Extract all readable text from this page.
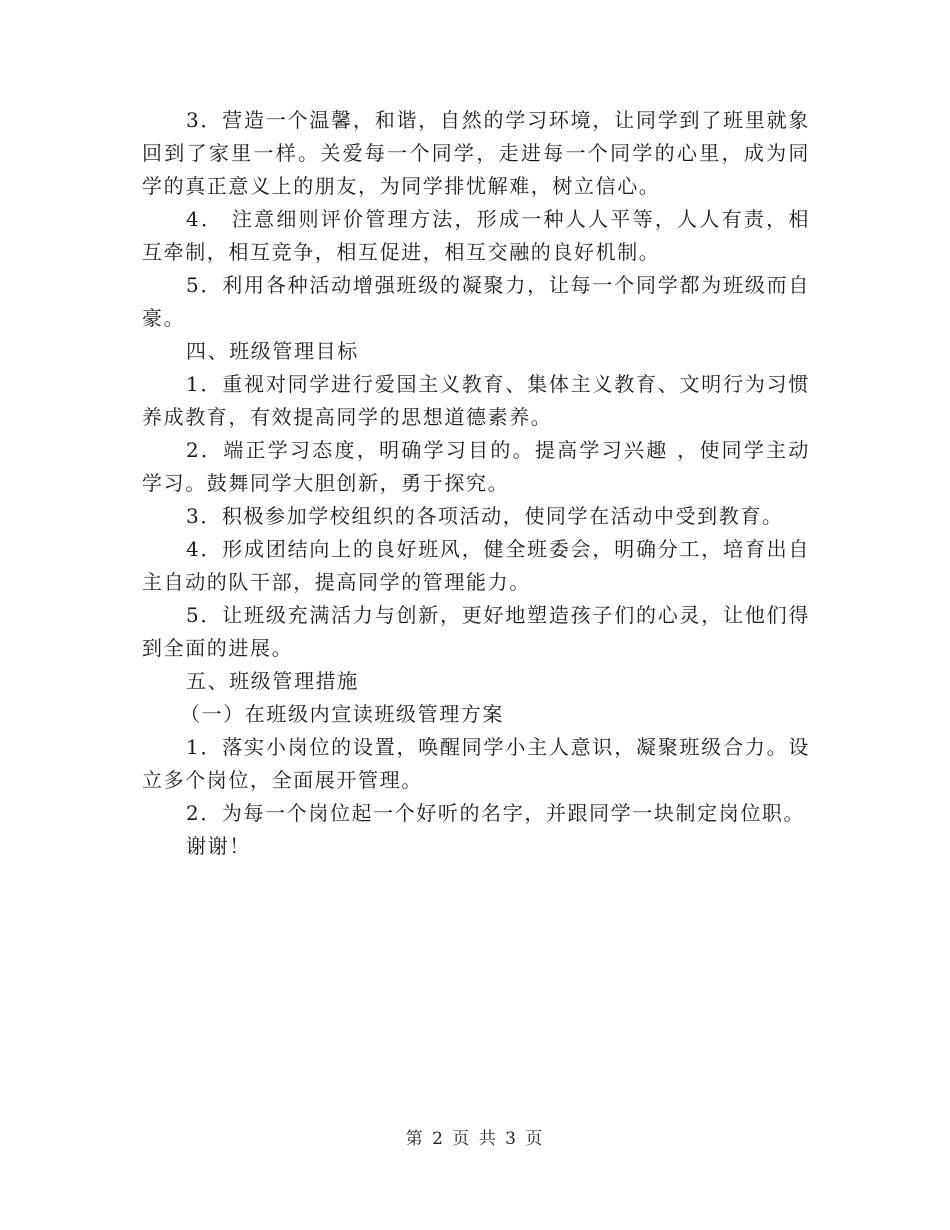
3．营造一个温馨，和谐，自然的学习环境，让同学到了班里就象回到了家里一样。关爱每一个同学，走进每一个同学的心里，成为同学的真正意义上的朋友，为同学排忧解难，树立信心。

4． 注意细则评价管理方法，形成一种人人平等，人人有责，相互牵制，相互竞争，相互促进，相互交融的良好机制。

5．利用各种活动增强班级的凝聚力，让每一个同学都为班级而自豪。

四、班级管理目标

1．重视对同学进行爱国主义教育、集体主义教育、文明行为习惯养成教育，有效提高同学的思想道德素养。

2．端正学习态度，明确学习目的。提高学习兴趣 ，使同学主动学习。鼓舞同学大胆创新，勇于探究。

3．积极参加学校组织的各项活动，使同学在活动中受到教育。

4．形成团结向上的良好班风，健全班委会，明确分工，培育出自主自动的队干部，提高同学的管理能力。

5．让班级充满活力与创新，更好地塑造孩子们的心灵，让他们得到全面的进展。

五、班级管理措施

（一）在班级内宣读班级管理方案

1．落实小岗位的设置，唤醒同学小主人意识，凝聚班级合力。设立多个岗位，全面展开管理。

2．为每一个岗位起一个好听的名字，并跟同学一块制定岗位职。

谢谢！

第 2 页 共 3 页
